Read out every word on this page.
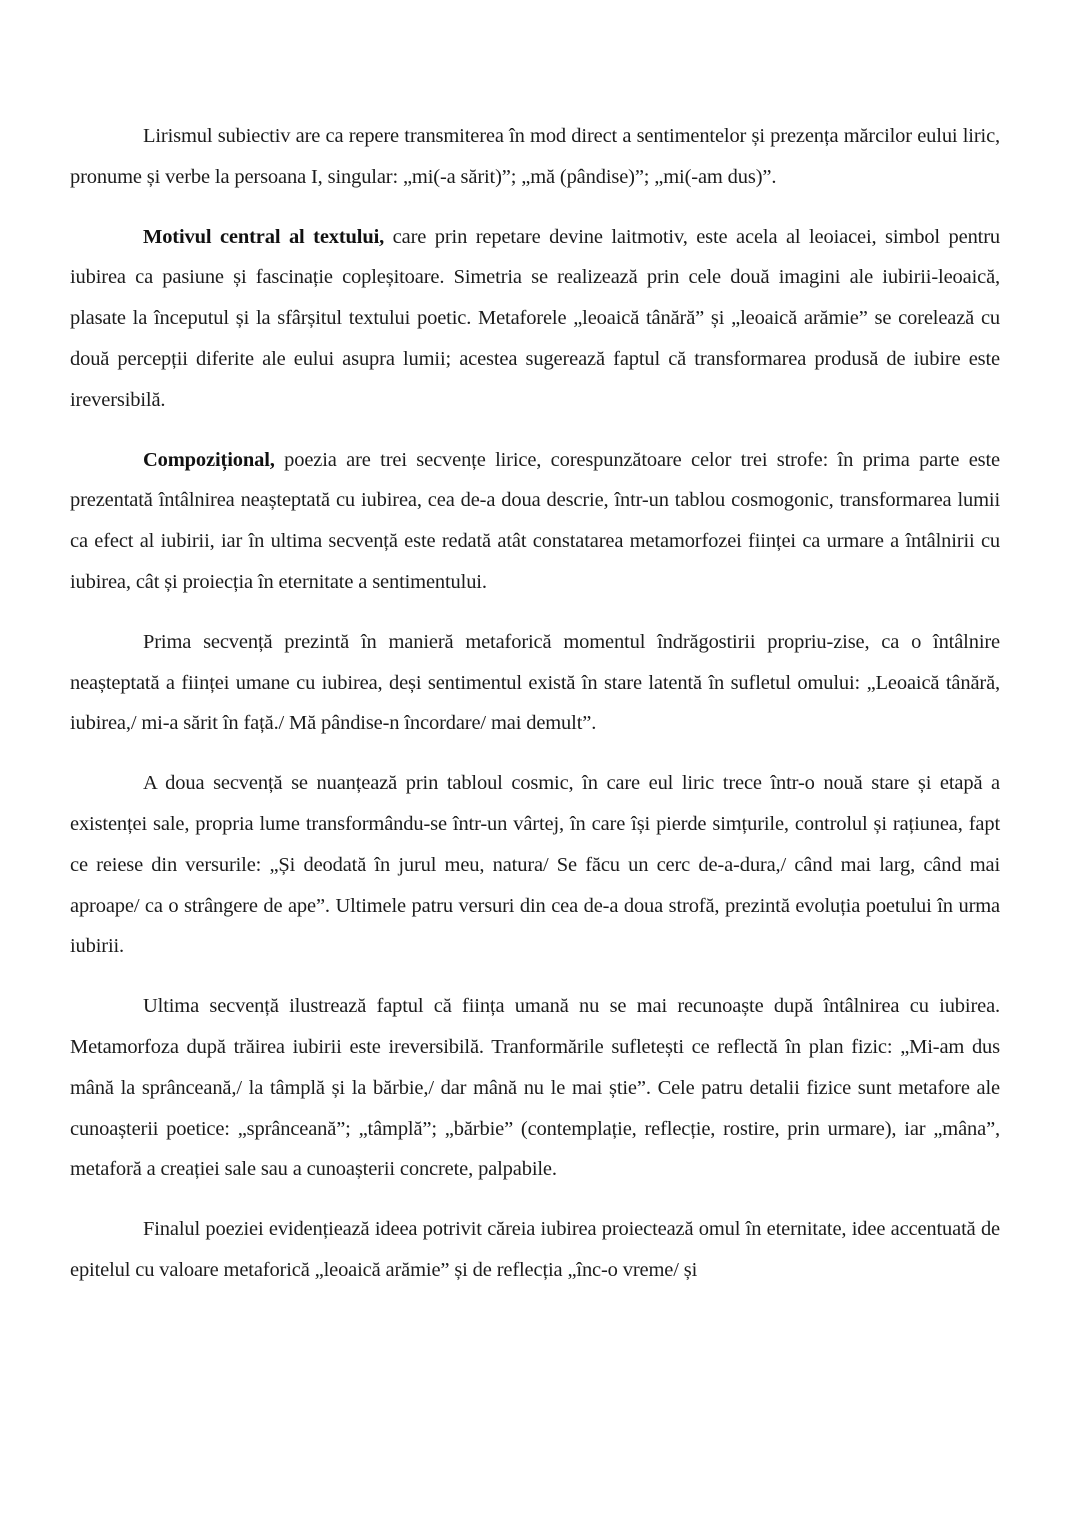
Lirismul subiectiv are ca repere transmiterea în mod direct a sentimentelor și prezența mărcilor eului liric, pronume și verbe la persoana I, singular: „mi(-a sărit)”; „mă (pândise)”; „mi(-am dus)”.

Motivul central al textului, care prin repetare devine laitmotiv, este acela al leoiacei, simbol pentru iubirea ca pasiune și fascinație copleșitoare. Simetria se realizează prin cele două imagini ale iubirii-leoaică, plasate la începutul și la sfârșitul textului poetic. Metaforele „leoaică tânără” și „leoaică arămie” se corelează cu două percepții diferite ale eului asupra lumii; acestea sugerează faptul că transformarea produsă de iubire este ireversibilă.

Compozițional, poezia are trei secvențe lirice, corespunzătoare celor trei strofe: în prima parte este prezentată întâlnirea neașteptată cu iubirea, cea de-a doua descrie, într-un tablou cosmogonic, transformarea lumii ca efect al iubirii, iar în ultima secvență este redată atât constatarea metamorfozei ființei ca urmare a întâlnirii cu iubirea, cât și proiecția în eternitate a sentimentului.

Prima secvență prezintă în manieră metaforică momentul îndrăgostirii propriu-zise, ca o întâlnire neașteptată a ființei umane cu iubirea, deși sentimentul există în stare latentă în sufletul omului: „Leoaică tânără, iubirea,/ mi-a sărit în față./ Mă pândise-n încordare/ mai demult”.

A doua secvență se nuanțează prin tabloul cosmic, în care eul liric trece într-o nouă stare și etapă a existenței sale, propria lume transformându-se într-un vârtej, în care își pierde simțurile, controlul și rațiunea, fapt ce reiese din versurile: „Și deodată în jurul meu, natura/ Se făcu un cerc de-a-dura,/ când mai larg, când mai aproape/ ca o strângere de ape”. Ultimele patru versuri din cea de-a doua strofă, prezintă evoluția poetului în urma iubirii.

Ultima secvență ilustrează faptul că ființa umană nu se mai recunoaște după întâlnirea cu iubirea. Metamorfoza după trăirea iubirii este ireversibilă. Tranformările sufletești ce reflectă în plan fizic: „Mi-am dus mână la sprânceană,/ la tâmplă și la bărbie,/ dar mână nu le mai știe”. Cele patru detalii fizice sunt metafore ale cunoașterii poetice: „sprânceană”; „tâmplă”; „bărbie” (contemplație, reflecție, rostire, prin urmare), iar „mâna”, metaforă a creației sale sau a cunoașterii concrete, palpabile.

Finalul poeziei evidențiează ideea potrivit căreia iubirea proiectează omul în eternitate, idee accentuată de epitelul cu valoare metaforică „leoaică arămie” și de reflecția „înc-o vreme/ și
